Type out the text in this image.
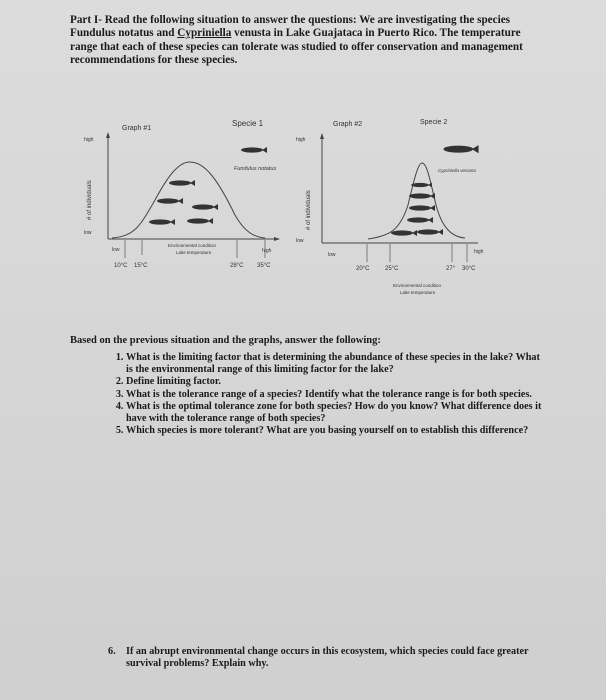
Part I- Read the following situation to answer the questions: We are investigating the species Fundulus notatus and Cypriniella venusta in Lake Guajataca in Puerto Rico. The temperature range that each of these species can tolerate was studied to offer conservation and management recommendations for these species.
Graph #1
Specie 1
high
low
# of individuals
Fundulus notatus
low	high
Environmental condition
Lake temperature
10°C 15°C	28°C 35°C
Graph #2	Specie 2
high
low
# of individuals
Cypriniella venusta
low	high
20°C	25°C	27° 30°C
Environmental condition
Lake temperature
Based on the previous situation and the graphs, answer the following:
1. What is the limiting factor that is determining the abundance of these species in the lake? What is the environmental range of this limiting factor for the lake?
2. Define limiting factor.
3. What is the tolerance range of a species? Identify what the tolerance range is for both species.
4. What is the optimal tolerance zone for both species? How do you know? What difference does it have with the tolerance range of both species?
5. Which species is more tolerant? What are you basing yourself on to establish this difference?
6. If an abrupt environmental change occurs in this ecosystem, which species could face greater survival problems? Explain why.
